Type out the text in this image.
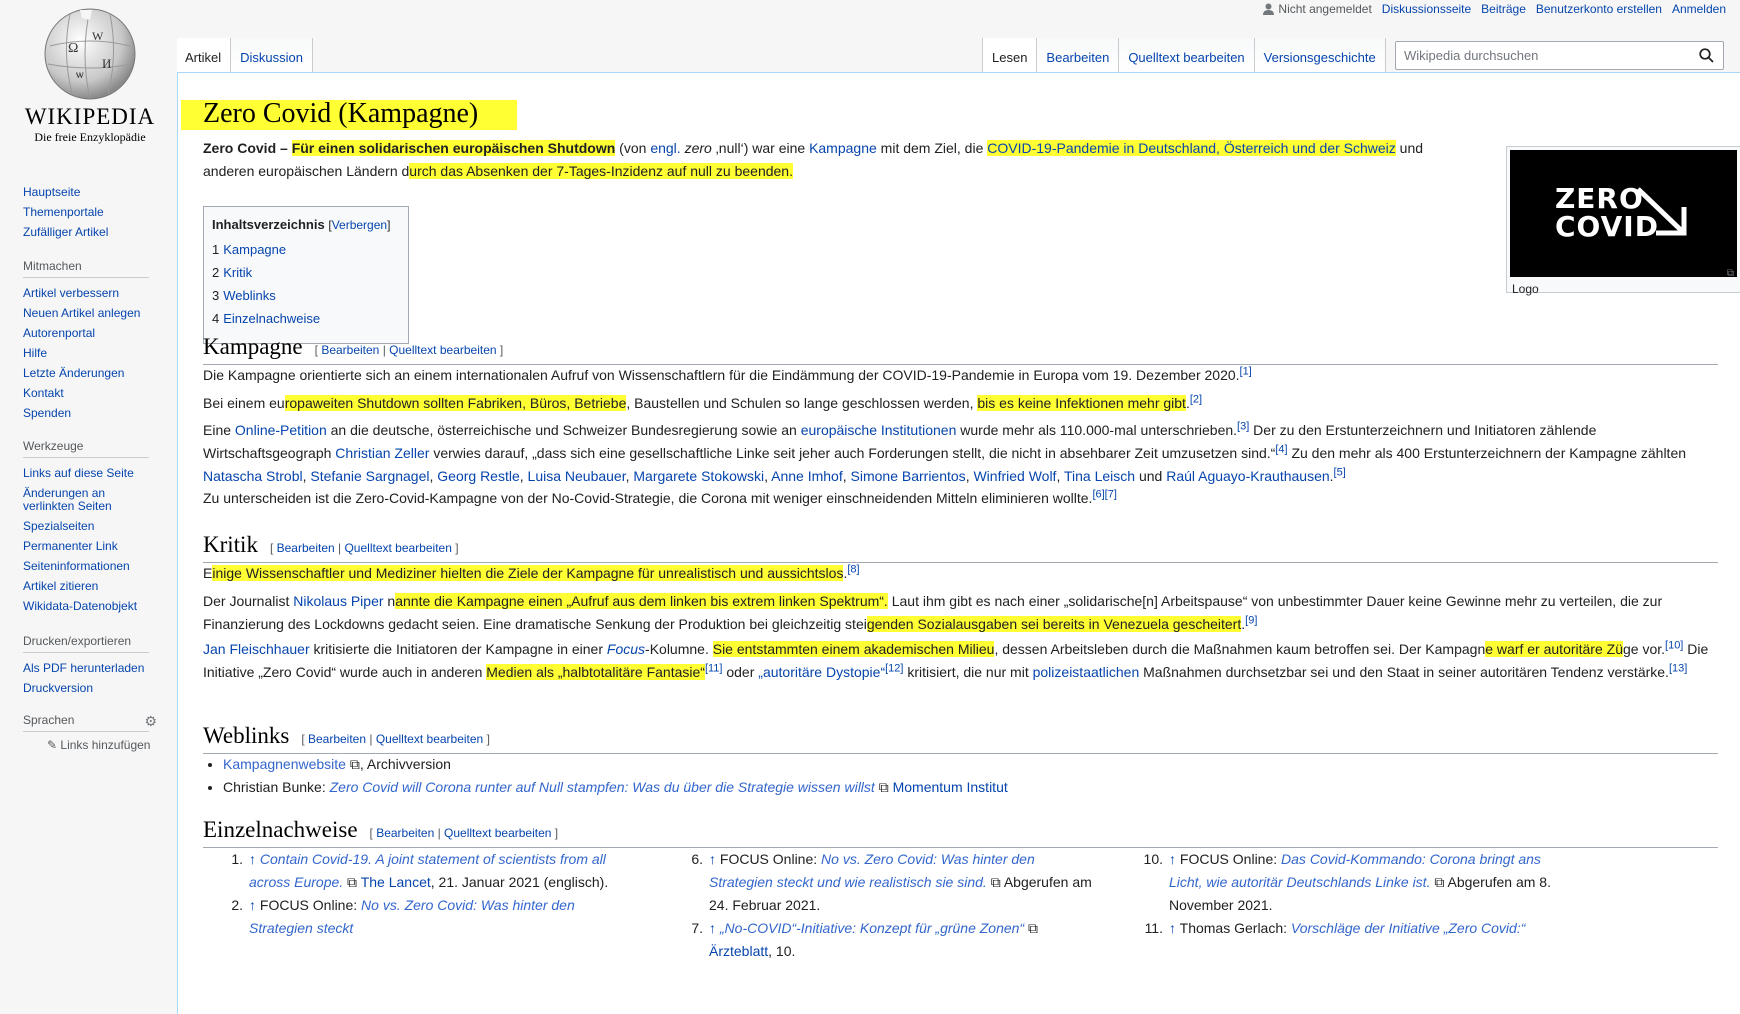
Ω
W
И
ѡ
WIKIPEDIA
Die freie Enzyklopädie
Hauptseite
Themenportale
Zufälliger Artikel
Mitmachen
Artikel verbessern
Neuen Artikel anlegen
Autorenportal
Hilfe
Letzte Änderungen
Kontakt
Spenden
Werkzeuge
Links auf diese Seite
Änderungen an verlinkten Seiten
Spezialseiten
Permanenter Link
Seiteninformationen
Artikel zitieren
Wikidata-Datenobjekt
Drucken/exportieren
Als PDF herunterladen
Druckversion
Sprachen	⚙
✎ Links hinzufügen
Nicht angemeldet Diskussionsseite Beiträge Benutzerkonto erstellen Anmelden
Artikel	Diskussion	Lesen	Bearbeiten	Quelltext bearbeiten	Versionsgeschichte
Wikipedia durchsuchen
Zero Covid (Kampagne)

Zero Covid – Für einen solidarischen europäischen Shutdown (von engl. zero ‚null‘) war eine Kampagne mit dem Ziel, die COVID-19-Pandemie in Deutschland, Österreich und der Schweiz und anderen europäischen Ländern durch das Absenken der 7-Tages-Inzidenz auf null zu beenden.

Inhaltsverzeichnis [Verbergen]
1 Kampagne
2 Kritik
3 Weblinks
4 Einzelnachweise
ZERO
COVID
Logo
⧉
Kampagne [ Bearbeiten | Quelltext bearbeiten ]

Die Kampagne orientierte sich an einem internationalen Aufruf von Wissenschaftlern für die Eindämmung der COVID-19-Pandemie in Europa vom 19. Dezember 2020.[1]

Bei einem europaweiten Shutdown sollten Fabriken, Büros, Betriebe, Baustellen und Schulen so lange geschlossen werden, bis es keine Infektionen mehr gibt.[2]

Eine Online-Petition an die deutsche, österreichische und Schweizer Bundesregierung sowie an europäische Institutionen wurde mehr als 110.000-mal unterschrieben.[3] Der zu den Erstunterzeichnern und Initiatoren zählende Wirtschaftsgeograph Christian Zeller verwies darauf, „dass sich eine gesellschaftliche Linke seit jeher auch Forderungen stellt, die nicht in absehbarer Zeit umzusetzen sind.“[4] Zu den mehr als 400 Erstunterzeichnern der Kampagne zählten Natascha Strobl, Stefanie Sargnagel, Georg Restle, Luisa Neubauer, Margarete Stokowski, Anne Imhof, Simone Barrientos, Winfried Wolf, Tina Leisch und Raúl Aguayo-Krauthausen.[5]

Zu unterscheiden ist die Zero-Covid-Kampagne von der No-Covid-Strategie, die Corona mit weniger einschneidenden Mitteln eliminieren wollte.[6][7]

Kritik [ Bearbeiten | Quelltext bearbeiten ]

Einige Wissenschaftler und Mediziner hielten die Ziele der Kampagne für unrealistisch und aussichtslos.[8]

Der Journalist Nikolaus Piper nannte die Kampagne einen „Aufruf aus dem linken bis extrem linken Spektrum“. Laut ihm gibt es nach einer „solidarische[n] Arbeitspause“ von unbestimmter Dauer keine Gewinne mehr zu verteilen, die zur Finanzierung des Lockdowns gedacht seien. Eine dramatische Senkung der Produktion bei gleichzeitig steigenden Sozialausgaben sei bereits in Venezuela gescheitert.[9]

Jan Fleischhauer kritisierte die Initiatoren der Kampagne in einer Focus-Kolumne. Sie entstammten einem akademischen Milieu, dessen Arbeitsleben durch die Maßnahmen kaum betroffen sei. Der Kampagne warf er autoritäre Züge vor.[10] Die Initiative „Zero Covid“ wurde auch in anderen Medien als „halbtotalitäre Fantasie“[11] oder „autoritäre Dystopie“[12] kritisiert, die nur mit polizeistaatlichen Maßnahmen durchsetzbar sei und den Staat in seiner autoritären Tendenz verstärke.[13]

Weblinks [ Bearbeiten | Quelltext bearbeiten ]
• Kampagnenwebsite ⧉, Archivversion
• Christian Bunke: Zero Covid will Corona runter auf Null stampfen: Was du über die Strategie wissen willst ⧉ Momentum Institut
Einzelnachweise [ Bearbeiten | Quelltext bearbeiten ]
1. ↑ Contain Covid-19. A joint statement of scientists from all across Europe. ⧉ The Lancet, 21. Januar 2021 (englisch).
2. ↑ FOCUS Online: No vs. Zero Covid: Was hinter den Strategien steckt
6. ↑ FOCUS Online: No vs. Zero Covid: Was hinter den Strategien steckt und wie realistisch sie sind. ⧉ Abgerufen am 24. Februar 2021.
7. ↑ „No-COVID“-Initiative: Konzept für „grüne Zonen“ ⧉ Ärzteblatt, 10.
10. ↑ FOCUS Online: Das Covid-Kommando: Corona bringt ans Licht, wie autoritär Deutschlands Linke ist. ⧉ Abgerufen am 8. November 2021.
11. ↑ Thomas Gerlach: Vorschläge der Initiative „Zero Covid:“
